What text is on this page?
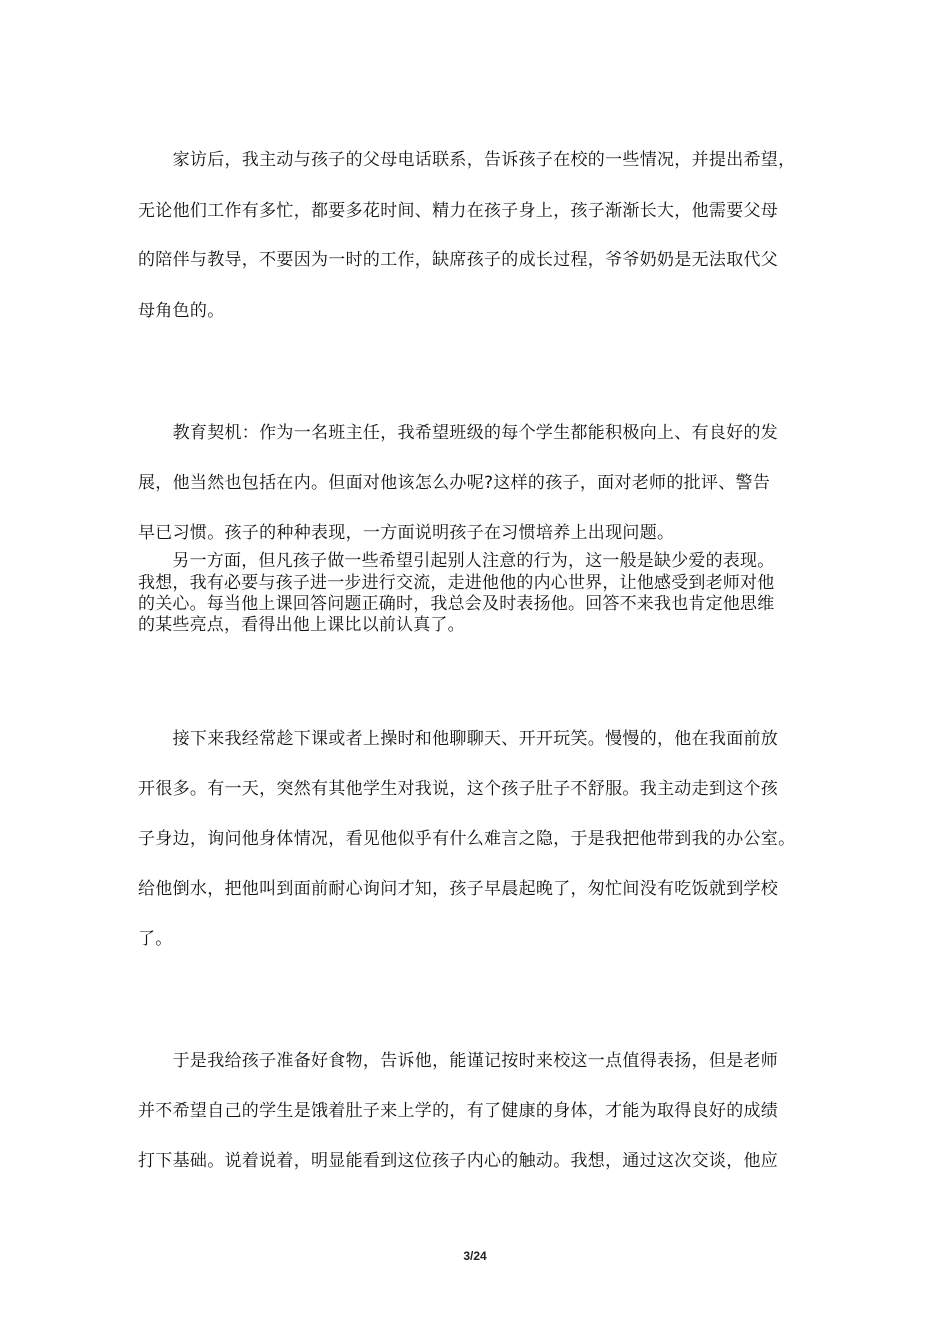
　　家访后，我主动与孩子的父母电话联系，告诉孩子在校的一些情况，并提出希望，
无论他们工作有多忙，都要多花时间、精力在孩子身上，孩子渐渐长大，他需要父母
的陪伴与教导，不要因为一时的工作，缺席孩子的成长过程，爷爷奶奶是无法取代父
母角色的。
　　教育契机：作为一名班主任，我希望班级的每个学生都能积极向上、有良好的发
展，他当然也包括在内。但面对他该怎么办呢?这样的孩子，面对老师的批评、警告
早已习惯。孩子的种种表现，一方面说明孩子在习惯培养上出现问题。
　　另一方面，但凡孩子做一些希望引起别人注意的行为，这一般是缺少爱的表现。
我想，我有必要与孩子进一步进行交流，走进他他的内心世界，让他感受到老师对他
的关心。每当他上课回答问题正确时，我总会及时表扬他。回答不来我也肯定他思维
的某些亮点，看得出他上课比以前认真了。
　　接下来我经常趁下课或者上操时和他聊聊天、开开玩笑。慢慢的，他在我面前放
开很多。有一天，突然有其他学生对我说，这个孩子肚子不舒服。我主动走到这个孩
子身边，询问他身体情况，看见他似乎有什么难言之隐，于是我把他带到我的办公室。
给他倒水，把他叫到面前耐心询问才知，孩子早晨起晚了，匆忙间没有吃饭就到学校
了。
　　于是我给孩子准备好食物，告诉他，能谨记按时来校这一点值得表扬，但是老师
并不希望自己的学生是饿着肚子来上学的，有了健康的身体，才能为取得良好的成绩
打下基础。说着说着，明显能看到这位孩子内心的触动。我想，通过这次交谈，他应
3/24
